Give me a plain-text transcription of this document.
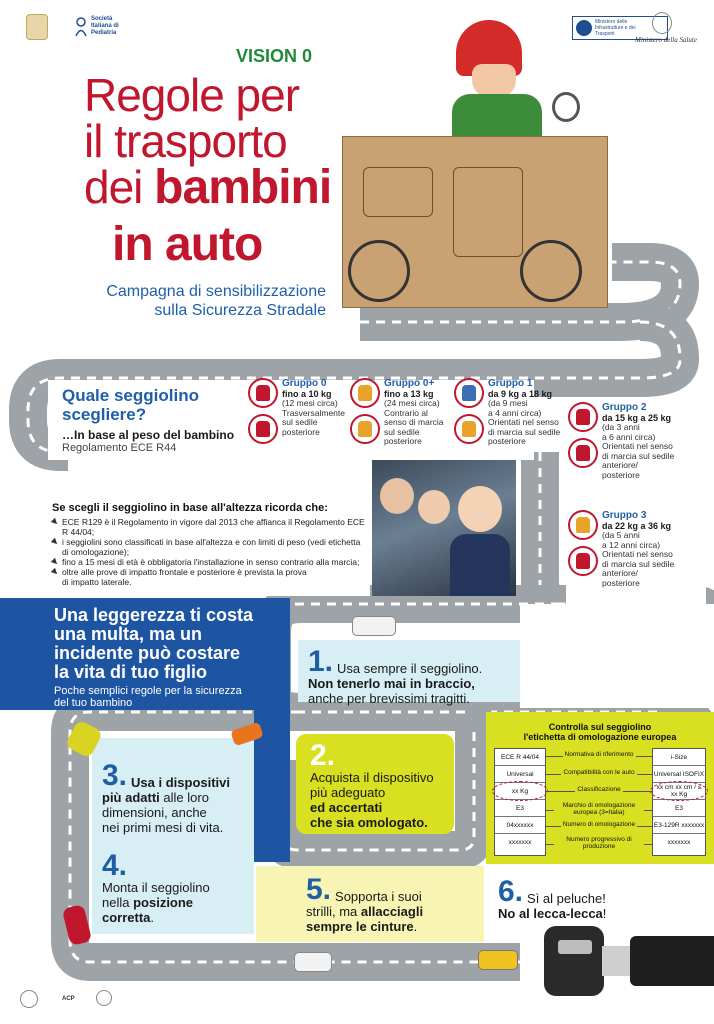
Società
Italiana di
Pediatria
Ministero delle
Infrastrutture e dei
Trasporti
Ministero della Salute
VISION 0
Regole per
il trasporto
dei bambini
in auto
Campagna di sensibilizzazione
sulla Sicurezza Stradale
Quale seggiolino
scegliere?
…In base al peso del bambino
Regolamento ECE R44
Gruppo 0
fino a 10 kg
(12 mesi circa)
Trasversalmente
sul sedile
posteriore
Gruppo 0+
fino a 13 kg
(24 mesi circa)
Contrario al
senso di marcia
sul sedile
posteriore
Gruppo 1
da 9 kg a 18 kg
(da 9 mesi
a 4 anni circa)
Orientati nel senso
di marcia sul sedile
posteriore
Gruppo 2
da 15 kg a 25 kg
(da 3 anni
a 6 anni circa)
Orientati nel senso
di marcia sul sedile
anteriore/
posteriore
Gruppo 3
da 22 kg a 36 kg
(da 5 anni
a 12 anni circa)
Orientati nel senso
di marcia sul sedile
anteriore/
posteriore
Se scegli il seggiolino in base all'altezza ricorda che:
ECE R129 è il Regolamento in vigore dal 2013 che affianca il Regolamento ECE R 44/04;
i seggiolini sono classificati in base all'altezza e con limiti di peso (vedi etichetta
di omologazione);
fino a 15 mesi di età è obbligatoria l'installazione in senso contrario alla marcia;
oltre alle prove di impatto frontale e posteriore è prevista la prova
di impatto laterale.
Una leggerezza ti costa
una multa, ma un
incidente può costare
la vita di tuo figlio
Poche semplici regole per la sicurezza
del tuo bambino
1. Usa sempre il seggiolino.
Non tenerlo mai in braccio,
anche per brevissimi tragitti.
2.
Acquista il dispositivo
più adeguato
ed accertati
che sia omologato.
3. Usa i dispositivi
più adatti alle loro
dimensioni, anche
nei primi mesi di vita.
4.
Monta il seggiolino
nella posizione
corretta.
5. Sopporta i suoi
strilli, ma allacciagli
sempre le cinture.
6. Sì al peluche!
No al lecca-lecca!
Controlla sul seggiolino
l'etichetta di omologazione europea
ECE R 44/04
Universal
xx Kg
E3
04xxxxxx
xxxxxxx
i-Size
Universal ISOFIX
xx cm xx cm / ≤ xx Kg
E3
E3-129R xxxxxxx
xxxxxxx
Normativa di riferimento
Compatibilità con le auto
Classificazione
Marchio di omologazione europea (3=Italia)
Numero di omologazione
Numero progressivo di produzione
ACP
